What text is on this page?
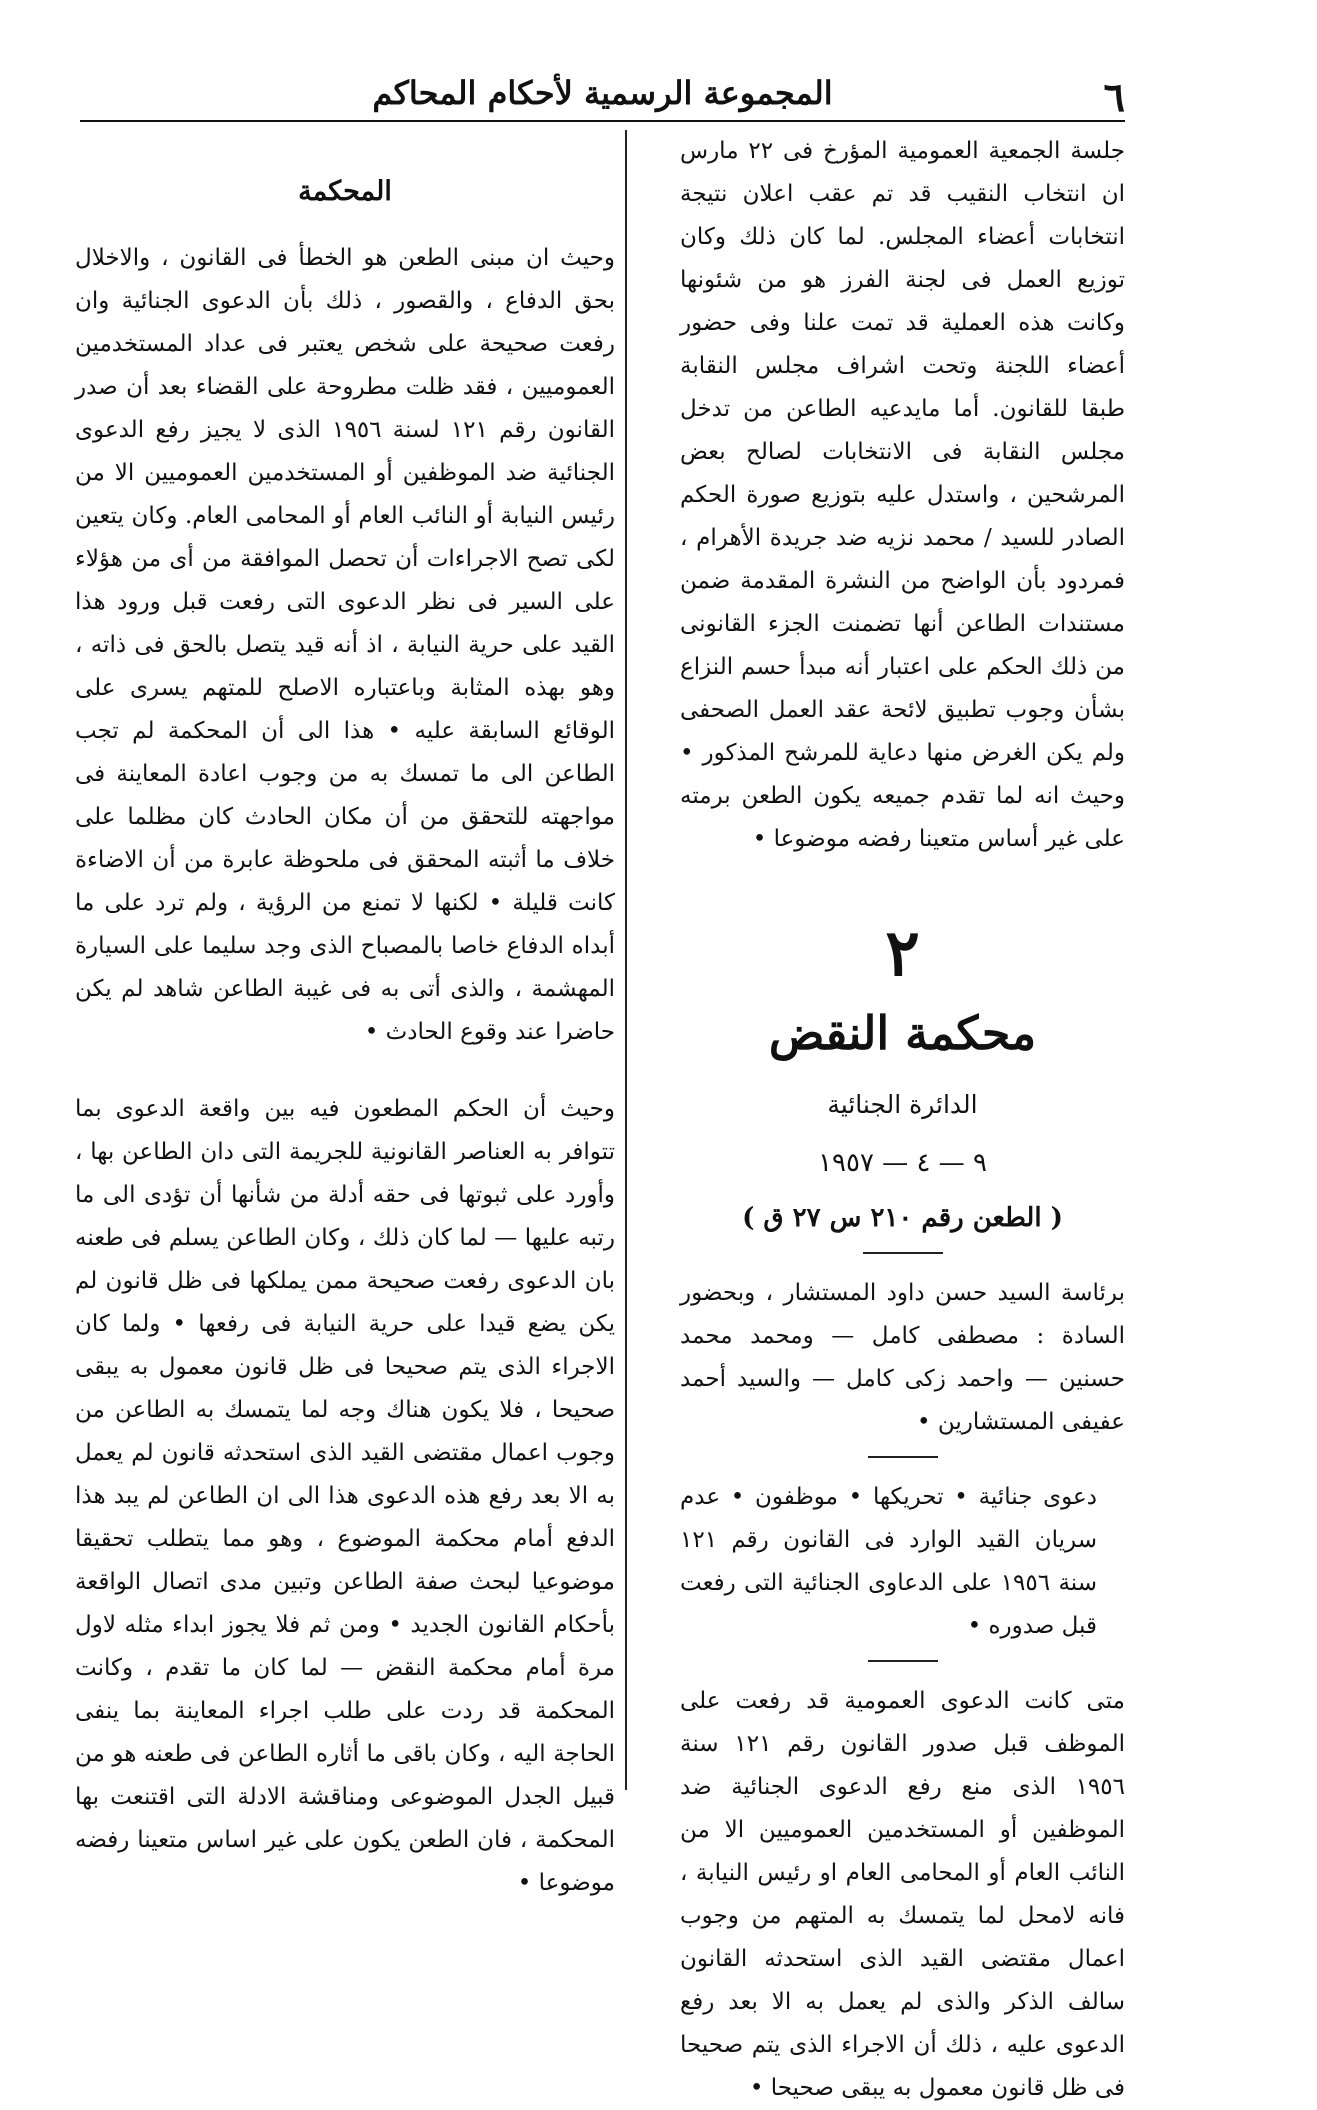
٦
المجموعة الرسمية لأحكام المحاكم

جلسة الجمعية العمومية المؤرخ فى ٢٢ مارس ان انتخاب النقيب قد تم عقب اعلان نتيجة انتخابات أعضاء المجلس. لما كان ذلك وكان توزيع العمل فى لجنة الفرز هو من شئونها وكانت هذه العملية قد تمت علنا وفى حضور أعضاء اللجنة وتحت اشراف مجلس النقابة طبقا للقانون. أما مايدعيه الطاعن من تدخل مجلس النقابة فى الانتخابات لصالح بعض المرشحين ، واستدل عليه بتوزيع صورة الحكم الصادر للسيد / محمد نزيه ضد جريدة الأهرام ، فمردود بأن الواضح من النشرة المقدمة ضمن مستندات الطاعن أنها تضمنت الجزء القانونى من ذلك الحكم على اعتبار أنه مبدأ حسم النزاع بشأن وجوب تطبيق لائحة عقد العمل الصحفى ولم يكن الغرض منها دعاية للمرشح المذكور • وحيث انه لما تقدم جميعه يكون الطعن برمته على غير أساس متعينا رفضه موضوعا •

٢
محكمة النقض
الدائرة الجنائية
٩ — ٤ — ١٩٥٧
( الطعن رقم ٢١٠ س ٢٧ ق )

برئاسة السيد حسن داود المستشار ، وبحضور السادة : مصطفى كامل — ومحمد محمد حسنين — واحمد زكى كامل — والسيد أحمد عفيفى المستشارين •

دعوى جنائية • تحريكها • موظفون • عدم سريان القيد الوارد فى القانون رقم ١٢١ سنة ١٩٥٦ على الدعاوى الجنائية التى رفعت قبل صدوره •

متى كانت الدعوى العمومية قد رفعت على الموظف قبل صدور القانون رقم ١٢١ سنة ١٩٥٦ الذى منع رفع الدعوى الجنائية ضد الموظفين أو المستخدمين العموميين الا من النائب العام أو المحامى العام او رئيس النيابة ، فانه لامحل لما يتمسك به المتهم من وجوب اعمال مقتضى القيد الذى استحدثه القانون سالف الذكر والذى لم يعمل به الا بعد رفع الدعوى عليه ، ذلك أن الاجراء الذى يتم صحيحا فى ظل قانون معمول به يبقى صحيحا •

المحكمة

وحيث ان مبنى الطعن هو الخطأ فى القانون ، والاخلال بحق الدفاع ، والقصور ، ذلك بأن الدعوى الجنائية وان رفعت صحيحة على شخص يعتبر فى عداد المستخدمين العموميين ، فقد ظلت مطروحة على القضاء بعد أن صدر القانون رقم ١٢١ لسنة ١٩٥٦ الذى لا يجيز رفع الدعوى الجنائية ضد الموظفين أو المستخدمين العموميين الا من رئيس النيابة أو النائب العام أو المحامى العام. وكان يتعين لكى تصح الاجراءات أن تحصل الموافقة من أى من هؤلاء على السير فى نظر الدعوى التى رفعت قبل ورود هذا القيد على حرية النيابة ، اذ أنه قيد يتصل بالحق فى ذاته ، وهو بهذه المثابة وباعتباره الاصلح للمتهم يسرى على الوقائع السابقة عليه • هذا الى أن المحكمة لم تجب الطاعن الى ما تمسك به من وجوب اعادة المعاينة فى مواجهته للتحقق من أن مكان الحادث كان مظلما على خلاف ما أثبته المحقق فى ملحوظة عابرة من أن الاضاءة كانت قليلة • لكنها لا تمنع من الرؤية ، ولم ترد على ما أبداه الدفاع خاصا بالمصباح الذى وجد سليما على السيارة المهشمة ، والذى أتى به فى غيبة الطاعن شاهد لم يكن حاضرا عند وقوع الحادث •

وحيث أن الحكم المطعون فيه بين واقعة الدعوى بما تتوافر به العناصر القانونية للجريمة التى دان الطاعن بها ، وأورد على ثبوتها فى حقه أدلة من شأنها أن تؤدى الى ما رتبه عليها — لما كان ذلك ، وكان الطاعن يسلم فى طعنه بان الدعوى رفعت صحيحة ممن يملكها فى ظل قانون لم يكن يضع قيدا على حرية النيابة فى رفعها • ولما كان الاجراء الذى يتم صحيحا فى ظل قانون معمول به يبقى صحيحا ، فلا يكون هناك وجه لما يتمسك به الطاعن من وجوب اعمال مقتضى القيد الذى استحدثه قانون لم يعمل به الا بعد رفع هذه الدعوى هذا الى ان الطاعن لم يبد هذا الدفع أمام محكمة الموضوع ، وهو مما يتطلب تحقيقا موضوعيا لبحث صفة الطاعن وتبين مدى اتصال الواقعة بأحكام القانون الجديد • ومن ثم فلا يجوز ابداء مثله لاول مرة أمام محكمة النقض — لما كان ما تقدم ، وكانت المحكمة قد ردت على طلب اجراء المعاينة بما ينفى الحاجة اليه ، وكان باقى ما أثاره الطاعن فى طعنه هو من قبيل الجدل الموضوعى ومناقشة الادلة التى اقتنعت بها المحكمة ، فان الطعن يكون على غير اساس متعينا رفضه موضوعا •
